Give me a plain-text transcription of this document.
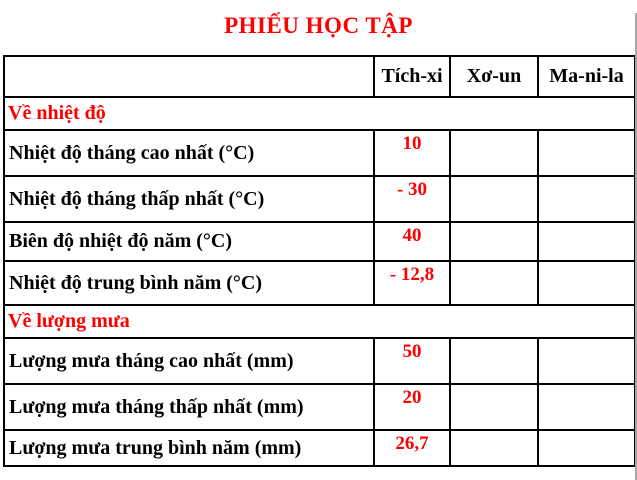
PHIẾU HỌC TẬP
	Tích-xi	Xơ-un	Ma-ni-la
Về nhiệt độ			
Nhiệt độ tháng cao nhất (°C)	10		
Nhiệt độ tháng thấp nhất (°C)	- 30		
Biên độ nhiệt độ năm (°C)	40		
Nhiệt độ trung bình năm (°C)	- 12,8		
Về lượng mưa			
Lượng mưa tháng cao nhất (mm)	50		
Lượng mưa tháng thấp nhất (mm)	20		
Lượng mưa trung bình năm (mm)	26,7		
